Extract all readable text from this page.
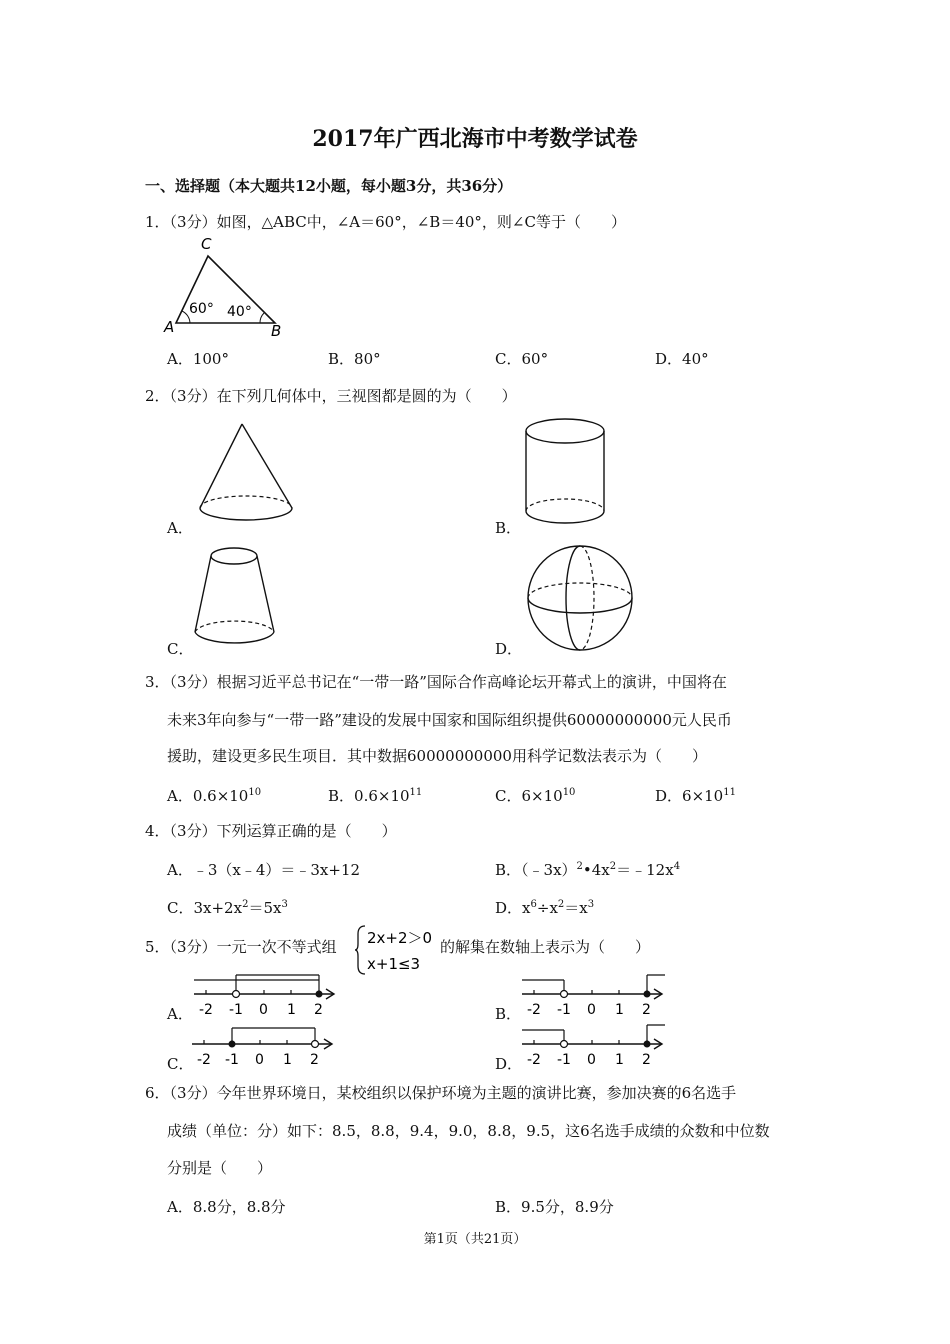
2017年广西北海市中考数学试卷
一、选择题（本大题共12小题，每小题3分，共36分）
1．（3分）如图，△ABC中，∠A＝60°，∠B＝40°，则∠C等于（　　）
C
A	B
60° 40°
A．100°	B．80°	C．60°	D．40°
2．（3分）在下列几何体中，三视图都是圆的为（　　）
A．	B．
C．	D．
3．（3分）根据习近平总书记在“一带一路”国际合作高峰论坛开幕式上的演讲，中国将在
未来3年向参与“一带一路”建设的发展中国家和国际组织提供60000000000元人民币
援助，建设更多民生项目．其中数据60000000000用科学记数法表示为（　　）
A．$0.6\times 10^{10}$	B．$0.6\times 10^{11}$	C．$6\times 10^{10}$	D．$6\times 10^{11}$
4．（3分）下列运算正确的是（　　）
A．﹣3（x﹣4）＝﹣3x+12	B．$(﹣3x)^2•4x^2=﹣12x^4$
C．$3x+2x^2=5x^3$	D．$x^6\div x^2=x^3$
5．（3分）一元一次不等式组 2x+2＞0
x+1≤3
的解集在数轴上表示为（　　）
A． -2 -1 0 1 2	B． -2 -1 0 1 2
C． -2 -1 0 1 2	D． -2 -1 0 1 2
6．（3分）今年世界环境日，某校组织以保护环境为主题的演讲比赛，参加决赛的6名选手
成绩（单位：分）如下：8.5，8.8，9.4，9.0，8.8，9.5，这6名选手成绩的众数和中位数
分别是（　　）
A．8.8分，8.8分	B．9.5分，8.9分
第1页（共21页）
